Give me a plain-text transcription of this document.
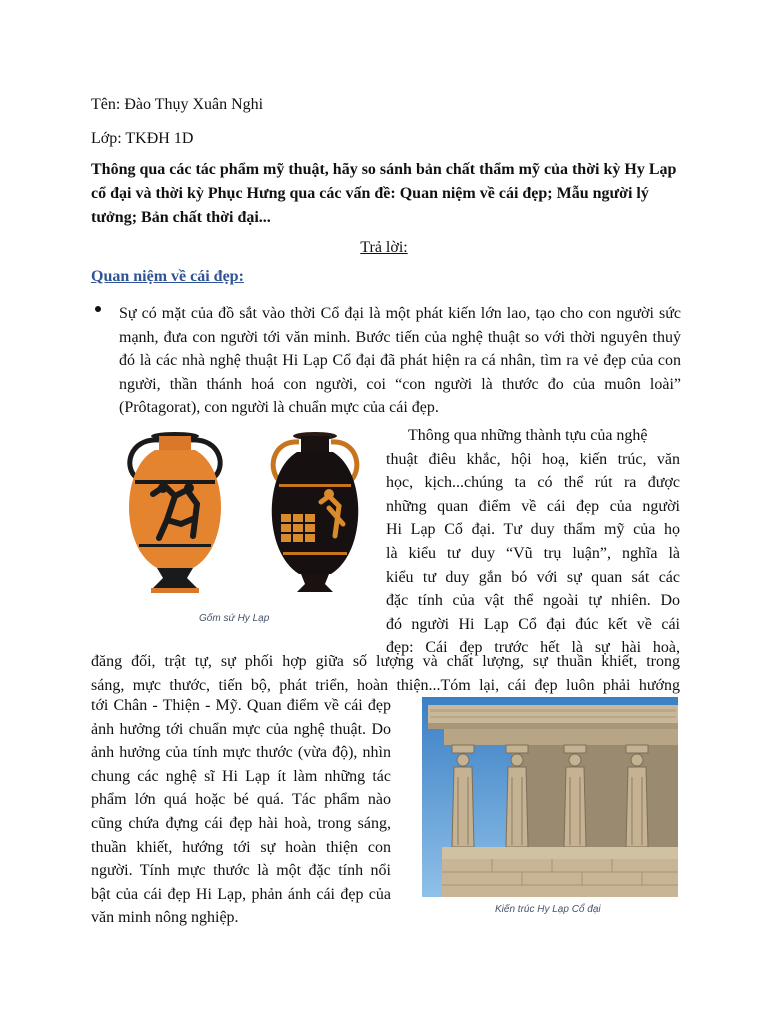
Tên: Đào Thụy Xuân Nghi
Lớp: TKĐH 1D
Thông qua các tác phẩm mỹ thuật, hãy so sánh bản chất thẩm mỹ của thời kỳ Hy Lạp cổ đại và thời kỳ Phục Hưng qua các vấn đề: Quan niệm về cái đẹp; Mẫu người lý tưởng; Bản chất thời đại...
Trả lời:
Quan niệm về cái đẹp:
Sự có mặt của đồ sắt vào thời Cổ đại là một phát kiến lớn lao, tạo cho con người sức mạnh, đưa con người tới văn minh. Bước tiến của nghệ thuật so với thời nguyên thuỷ đó là các nhà nghệ thuật Hi Lạp Cổ đại đã phát hiện ra cá nhân, tìm ra vẻ đẹp của con người, thần thánh hoá con người, coi “con người là thước đo của muôn loài” (Prôtagorat), con người là chuẩn mực của cái đẹp.
Gốm sứ Hy Lạp
Thông qua những thành tựu của nghệ
thuật điêu khắc, hội hoạ, kiến trúc, văn
học, kịch...chúng ta có thể rút ra được
những quan điểm về cái đẹp của người
Hi Lạp Cổ đại. Tư duy thẩm mỹ của họ
là kiểu tư duy “Vũ trụ luận”, nghĩa là
kiểu tư duy gắn bó với sự quan sát các
đặc tính của vật thể ngoài tự nhiên. Do
đó người Hi Lạp Cổ đại đúc kết về cái
đẹp: Cái đẹp trước hết là sự hài hoà,
đăng đối, trật tự, sự phối hợp giữa số lượng và chất lượng, sự thuần khiết, trong
sáng, mực thước, tiến bộ, phát triển, hoàn thiện...Tóm lại, cái đẹp luôn phải hướng
tới Chân - Thiện - Mỹ. Quan điểm về cái đẹp
ảnh hưởng tới chuẩn mực của nghệ thuật. Do
ảnh hưởng của tính mực thước (vừa độ), nhìn
chung các nghệ sĩ Hi Lạp ít làm những tác
phẩm lớn quá hoặc bé quá. Tác phẩm nào
cũng chứa đựng cái đẹp hài hoà, trong sáng,
thuần khiết, hướng tới sự hoàn thiện con
người. Tính mực thước là một đặc tính nổi
bật của cái đẹp Hi Lạp, phản ánh cái đẹp của
văn minh nông nghiệp.	Kiến trúc Hy Lạp Cổ đại
